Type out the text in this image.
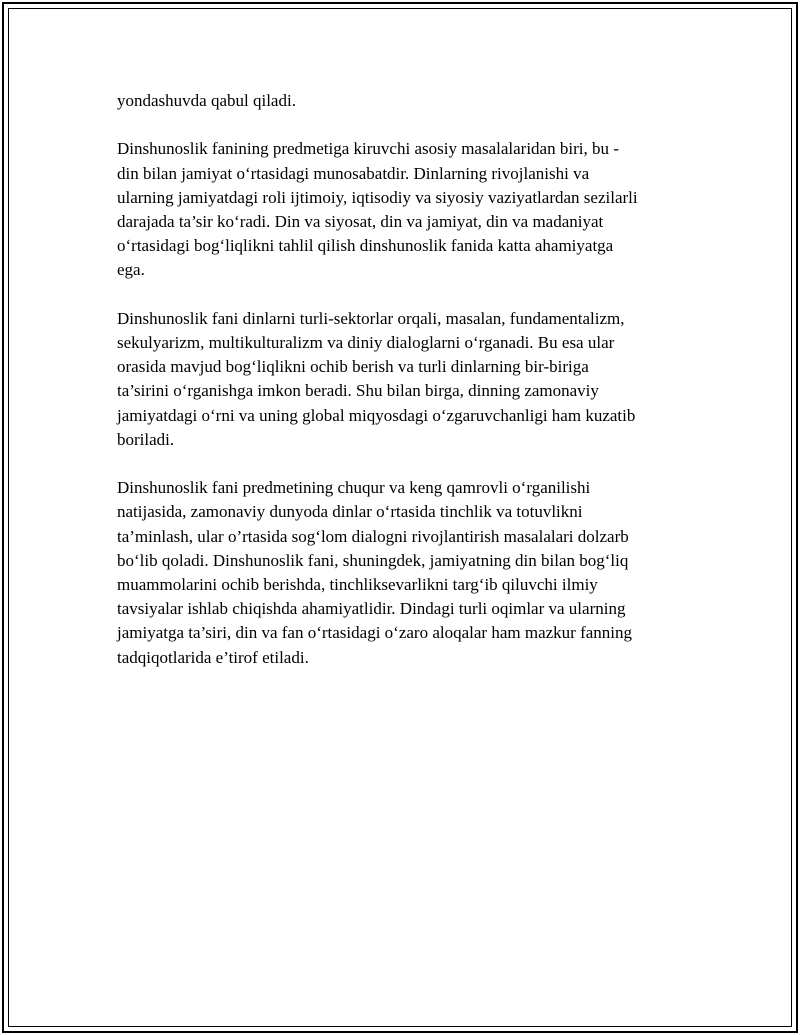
yondashuvda qabul qiladi.

Dinshunoslik fanining predmetiga kiruvchi asosiy masalalaridan biri, bu -
din bilan jamiyat o‘rtasidagi munosabatdir. Dinlarning rivojlanishi va
ularning jamiyatdagi roli ijtimoiy, iqtisodiy va siyosiy vaziyatlardan sezilarli
darajada ta’sir ko‘radi. Din va siyosat, din va jamiyat, din va madaniyat
o‘rtasidagi bog‘liqlikni tahlil qilish dinshunoslik fanida katta ahamiyatga
ega.

Dinshunoslik fani dinlarni turli-sektorlar orqali, masalan, fundamentalizm,
sekulyarizm, multikulturalizm va diniy dialoglarni o‘rganadi. Bu esa ular
orasida mavjud bog‘liqlikni ochib berish va turli dinlarning bir-biriga
ta’sirini o‘rganishga imkon beradi. Shu bilan birga, dinning zamonaviy
jamiyatdagi o‘rni va uning global miqyosdagi o‘zgaruvchanligi ham kuzatib
boriladi.

Dinshunoslik fani predmetining chuqur va keng qamrovli o‘rganilishi
natijasida, zamonaviy dunyoda dinlar o‘rtasida tinchlik va totuvlikni
ta’minlash, ular o’rtasida sog‘lom dialogni rivojlantirish masalalari dolzarb
bo‘lib qoladi. Dinshunoslik fani, shuningdek, jamiyatning din bilan bog‘liq
muammolarini ochib berishda, tinchliksevarlikni targ‘ib qiluvchi ilmiy
tavsiyalar ishlab chiqishda ahamiyatlidir. Dindagi turli oqimlar va ularning
jamiyatga ta’siri, din va fan o‘rtasidagi o‘zaro aloqalar ham mazkur fanning
tadqiqotlarida e’tirof etiladi.
